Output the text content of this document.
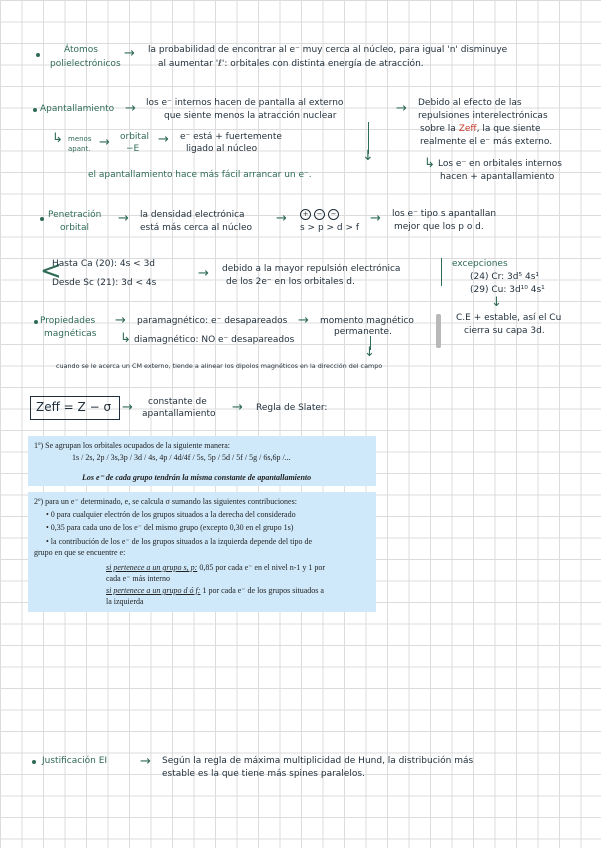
Átomos
polielectrónicos
→ la probabilidad de encontrar al e⁻ muy cerca al núcleo, para igual 'n' disminuye
al aumentar 'ℓ': orbitales con distinta energía de atracción.
Apantallamiento → los e⁻ internos hacen de pantalla al externo
que siente menos la atracción nuclear	→ Debido al efecto de las
repulsiones interelectrónicas
sobre la Zeff, la que siente
realmente el e⁻ más externo.
↳ menos
apant. → orbital
−E
→ e⁻ está + fuertemente
ligado al núcleo	↓	↳ Los e⁻ en orbitales internos
hacen + apantallamiento
el apantallamiento hace más fácil arrancar un e⁻.
Penetración
orbital
→ la densidad electrónica
está más cerca al núcleo
→	+ − −
s > p > d > f
→ los e⁻ tipo s apantallan
mejor que los p o d.
<
Hasta Ca (20): 4s < 3d
Desde Sc (21): 3d < 4s
→ debido a la mayor repulsión electrónica
de los 2e⁻ en los orbitales d.
excepciones
(24) Cr: 3d⁵ 4s¹
(29) Cu: 3d¹⁰ 4s¹
↓
C.E + estable, así el Cu
cierra su capa 3d.
Propiedades
magnéticas
→ paramagnético: e⁻ desapareados → momento magnético
permanente.
↳ diamagnético: NO e⁻ desapareados
↓
cuando se le acerca un CM externo, tiende a alinear los dipolos magnéticos en la dirección del campo
Zeff = Z − σ → constante de
apantallamiento → Regla de Slater:
1º) Se agrupan los orbitales ocupados de la siguiente manera:
1s / 2s, 2p / 3s,3p / 3d / 4s, 4p / 4d/4f / 5s, 5p / 5d / 5f / 5g / 6s,6p /...
Los e⁻ de cada grupo tendrán la misma constante de apantallamiento
2º) para un e⁻ determinado, e, se calcula σ sumando las siguientes contribuciones:
• 0 para cualquier electrón de los grupos situados a la derecha del considerado
• 0,35 para cada uno de los e⁻ del mismo grupo (excepto 0,30 en el grupo 1s)
• la contribución de los e⁻ de los grupos situados a la izquierda depende del tipo de
grupo en que se encuentre e:
si pertenece a un grupo s, p: 0,85 por cada e⁻ en el nivel n-1 y 1 por
cada e⁻ más interno
si pertenece a un grupo d ó f: 1 por cada e⁻ de los grupos situados a
la izquierda
Justificación EI	→ Según la regla de máxima multiplicidad de Hund, la distribución más
estable es la que tiene más spines paralelos.
